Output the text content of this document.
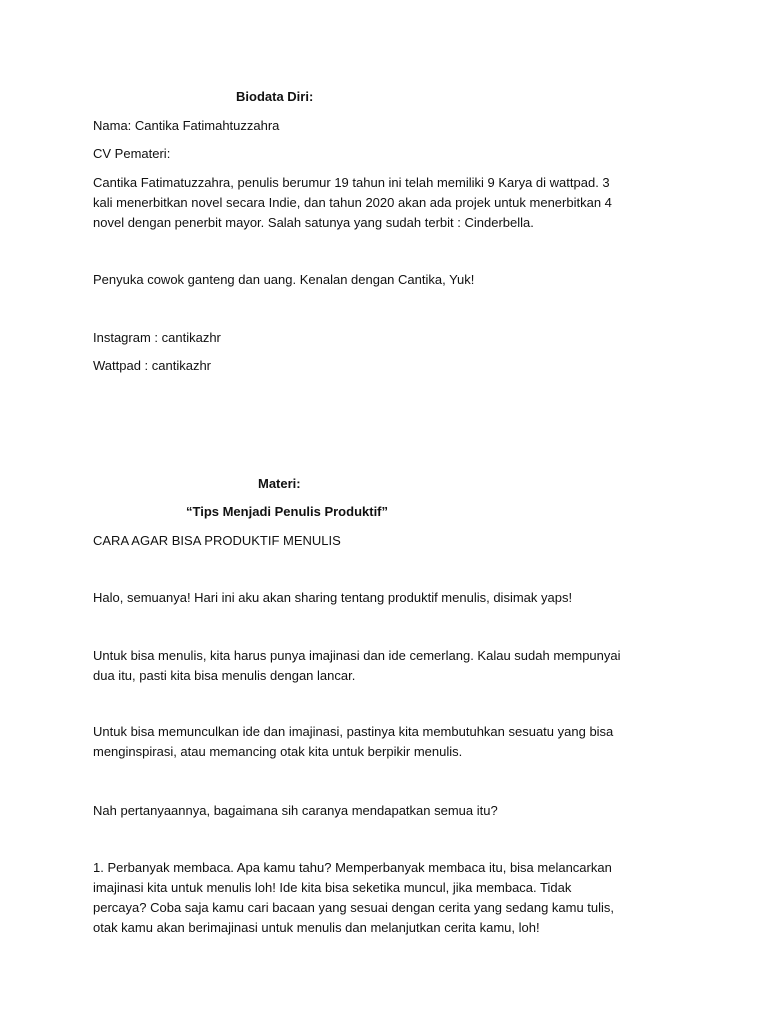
Biodata Diri:
Nama: Cantika Fatimahtuzzahra
CV Pemateri:
Cantika Fatimatuzzahra, penulis berumur 19 tahun ini telah memiliki 9 Karya di wattpad. 3
kali menerbitkan novel secara Indie, dan tahun 2020 akan ada projek untuk menerbitkan 4
novel dengan penerbit mayor. Salah satunya yang sudah terbit : Cinderbella.
Penyuka cowok ganteng dan uang. Kenalan dengan Cantika, Yuk!
Instagram : cantikazhr
Wattpad : cantikazhr
Materi:
“Tips Menjadi Penulis Produktif”
CARA AGAR BISA PRODUKTIF MENULIS
Halo, semuanya! Hari ini aku akan sharing tentang produktif menulis, disimak yaps!
Untuk bisa menulis, kita harus punya imajinasi dan ide cemerlang. Kalau sudah mempunyai
dua itu, pasti kita bisa menulis dengan lancar.
Untuk bisa memunculkan ide dan imajinasi, pastinya kita membutuhkan sesuatu yang bisa
menginspirasi, atau memancing otak kita untuk berpikir menulis.
Nah pertanyaannya, bagaimana sih caranya mendapatkan semua itu?
1. Perbanyak membaca. Apa kamu tahu? Memperbanyak membaca itu, bisa melancarkan
imajinasi kita untuk menulis loh! Ide kita bisa seketika muncul, jika membaca. Tidak
percaya? Coba saja kamu cari bacaan yang sesuai dengan cerita yang sedang kamu tulis,
otak kamu akan berimajinasi untuk menulis dan melanjutkan cerita kamu, loh!
